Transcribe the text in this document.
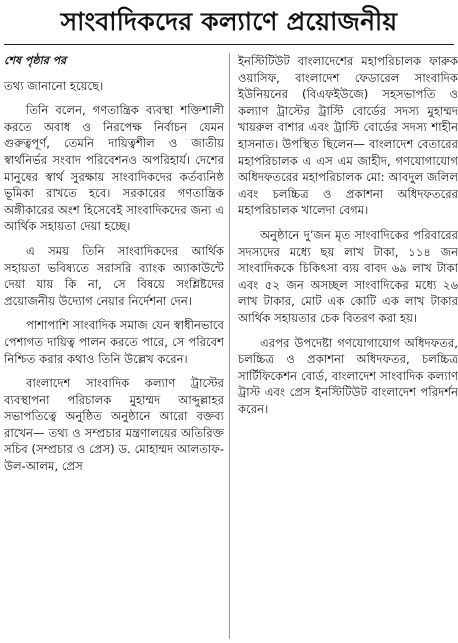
সাংবাদিকদের কল্যাণে প্রয়োজনীয়

শেষ পৃষ্ঠার পর

তথ্য জানানো হয়েছে।

তিনি বলেন, গণতান্ত্রিক ব্যবস্থা শক্তিশালী করতে অবাধ ও নিরপেক্ষ নির্বাচন যেমন গুরুত্বপূর্ণ, তেমনি দায়িত্বশীল ও জাতীয় স্বার্থনির্ভর সংবাদ পরিবেশনও অপরিহার্য। দেশের মানুষের স্বার্থ সুরক্ষায় সাংবাদিকদের কর্তব্যনিষ্ঠ ভূমিকা রাখতে হবে। সরকারের গণতান্ত্রিক অঙ্গীকারের অংশ হিসেবেই সাংবাদিকদের জন্য এ আর্থিক সহায়তা দেয়া হচ্ছে।

এ সময় তিনি সাংবাদিকদের আর্থিক সহায়তা ভবিষ্যতে সরাসরি ব্যাংক অ্যাকাউন্টে দেয়া যায় কি না, সে বিষয়ে সংশ্লিষ্টদের প্রয়োজনীয় উদ্যোগ নেয়ার নির্দেশনা দেন।

পাশাপাশি সাংবাদিক সমাজ যেন স্বাধীনভাবে পেশাগত দায়িত্ব পালন করতে পারে, সে পরিবেশ নিশ্চিত করার কথাও তিনি উল্লেখ করেন।

বাংলাদেশ সাংবাদিক কল্যাণ ট্রাস্টের ব্যবস্থাপনা পরিচালক মুহাম্মদ আব্দুল্লাহর সভাপতিত্বে অনুষ্ঠিত অনুষ্ঠানে আরো বক্তব্য রাখেন— তথ্য ও সম্প্রচার মন্ত্রণালয়ের অতিরিক্ত সচিব (সম্প্রচার ও প্রেস) ড. মোহাম্মদ আলতাফ-উল-আলম, প্রেস

ইনস্টিটিউট বাংলাদেশের মহাপরিচালক ফারুক ওয়াসিফ, বাংলাদেশ ফেডারেল সাংবাদিক ইউনিয়নের (বিএফইউজে) সহসভাপতি ও কল্যাণ ট্রাস্টের ট্রাস্টি বোর্ডের সদস্য মুহাম্মদ খায়রুল বাশার এবং ট্রাস্টি বোর্ডের সদস্য শাহীন হাসনাত। উপস্থিত ছিলেন— বাংলাদেশ বেতারের মহাপরিচালক এ এস এম জাহীদ, গণযোগাযোগ অধিদফতরের মহাপরিচালক মো: আবদুল জলিল এবং চলচ্চিত্র ও প্রকাশনা অধিদফতরের মহাপরিচালক খালেদা বেগম।

অনুষ্ঠানে দু’জন মৃত সাংবাদিকের পরিবারের সদস্যদের মধ্যে ছয় লাখ টাকা, ১১৪ জন সাংবাদিককে চিকিৎসা ব্যয় বাবদ ৬৯ লাখ টাকা এবং ৫২ জন অসচ্ছল সাংবাদিকের মধ্যে ২৬ লাখ টাকার, মোট এক কোটি এক লাখ টাকার আর্থিক সহায়তার চেক বিতরণ করা হয়।

এরপর উপদেষ্টা গণযোগাযোগ অধিদফতর, চলচ্চিত্র ও প্রকাশনা অধিদফতর, চলচ্চিত্র সার্টিফিকেশন বোর্ড, বাংলাদেশ সাংবাদিক কল্যাণ ট্রাস্ট এবং প্রেস ইনস্টিটিউট বাংলাদেশ পরিদর্শন করেন।
